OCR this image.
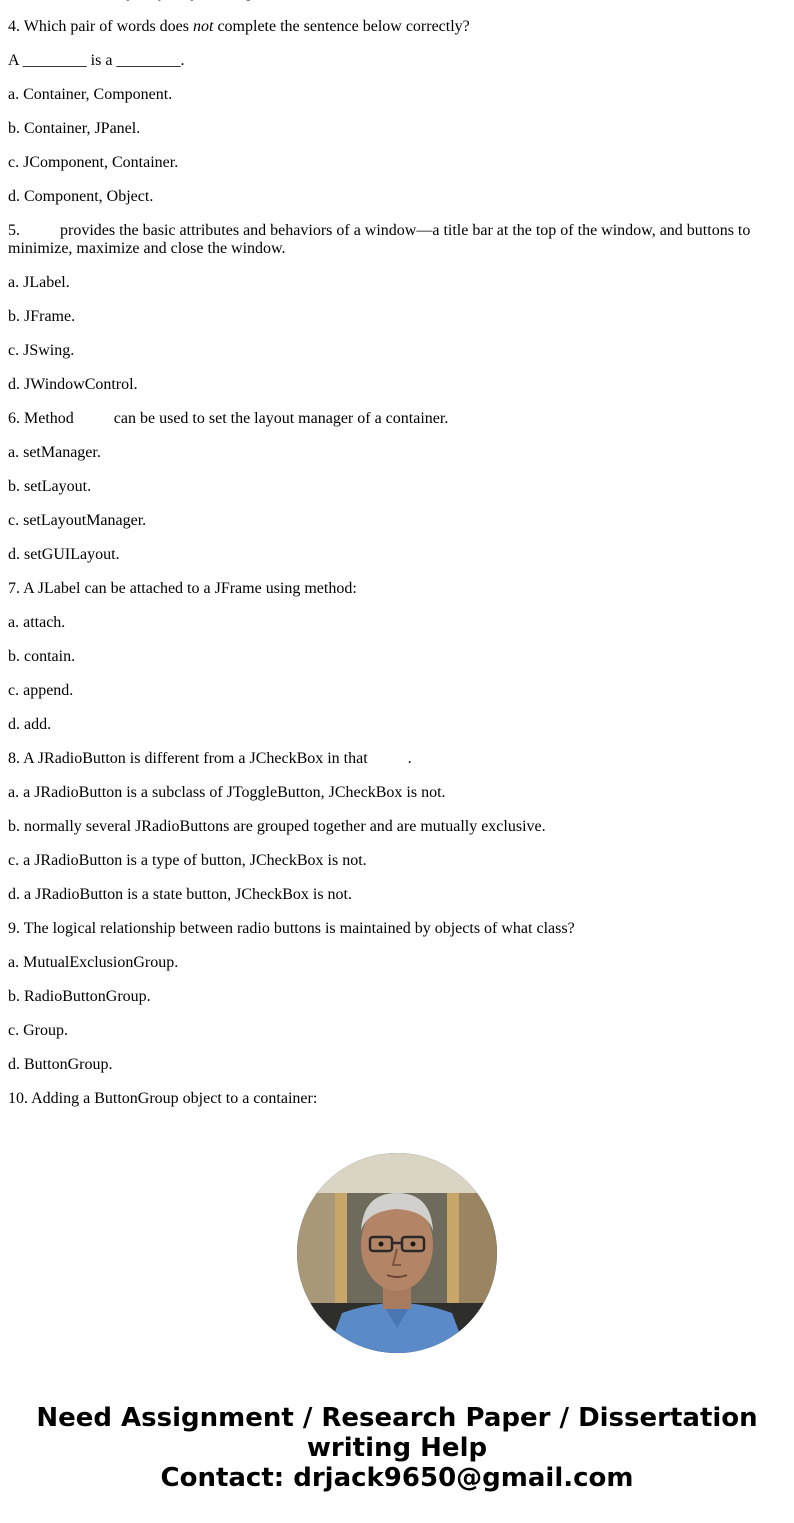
4. Which pair of words does not complete the sentence below correctly?

A ________ is a ________.

a. Container, Component.

b. Container, JPanel.

c. JComponent, Container.

d. Component, Object.

5.	provides the basic attributes and behaviors of a window—a title bar at the top of the window, and buttons to minimize, maximize and close the window.

a. JLabel.

b. JFrame.

c. JSwing.

d. JWindowControl.

6. Method	can be used to set the layout manager of a container.

a. setManager.

b. setLayout.

c. setLayoutManager.

d. setGUILayout.

7. A JLabel can be attached to a JFrame using method:

a. attach.

b. contain.

c. append.

d. add.

8. A JRadioButton is different from a JCheckBox in that	.

a. a JRadioButton is a subclass of JToggleButton, JCheckBox is not.

b. normally several JRadioButtons are grouped together and are mutually exclusive.

c. a JRadioButton is a type of button, JCheckBox is not.

d. a JRadioButton is a state button, JCheckBox is not.

9. The logical relationship between radio buttons is maintained by objects of what class?

a. MutualExclusionGroup.

b. RadioButtonGroup.

c. Group.

d. ButtonGroup.

10. Adding a ButtonGroup object to a container:

Need Assignment / Research Paper / Dissertation
writing Help
Contact: drjack9650@gmail.com
